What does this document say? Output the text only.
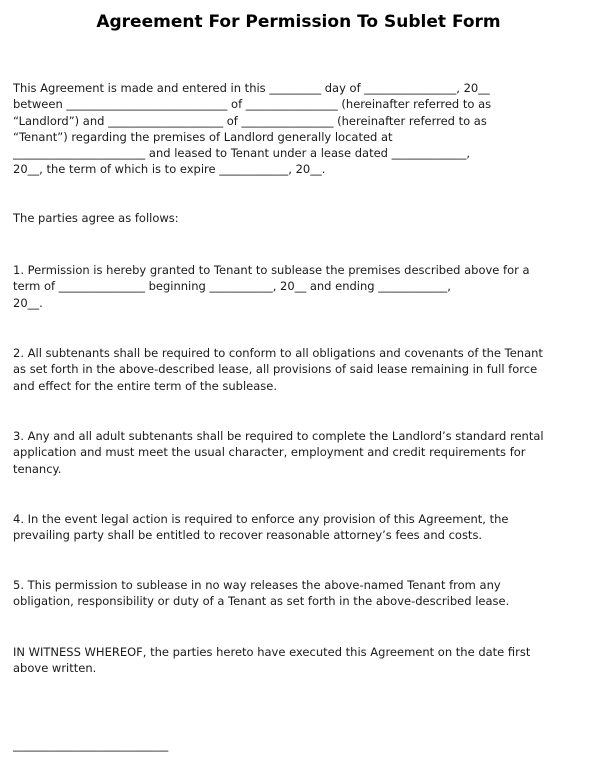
Agreement For Permission To Sublet Form
This Agreement is made and entered in this _________ day of ________________, 20__
between ____________________________ of ________________ (hereinafter referred to as
“Landlord”) and ____________________ of ________________ (hereinafter referred to as
“Tenant”) regarding the premises of Landlord generally located at
_______________________ and leased to Tenant under a lease dated _____________,
20__, the term of which is to expire ____________, 20__.
The parties agree as follows:
1. Permission is hereby granted to Tenant to sublease the premises described above for a
term of _______________ beginning ___________, 20__ and ending ____________,
20__.
2. All subtenants shall be required to conform to all obligations and covenants of the Tenant
as set forth in the above-described lease, all provisions of said lease remaining in full force
and effect for the entire term of the sublease.
3. Any and all adult subtenants shall be required to complete the Landlord’s standard rental
application and must meet the usual character, employment and credit requirements for
tenancy.
4. In the event legal action is required to enforce any provision of this Agreement, the
prevailing party shall be entitled to recover reasonable attorney’s fees and costs.
5. This permission to sublease in no way releases the above-named Tenant from any
obligation, responsibility or duty of a Tenant as set forth in the above-described lease.
IN WITNESS WHEREOF, the parties hereto have executed this Agreement on the date first
above written.
___________________________
